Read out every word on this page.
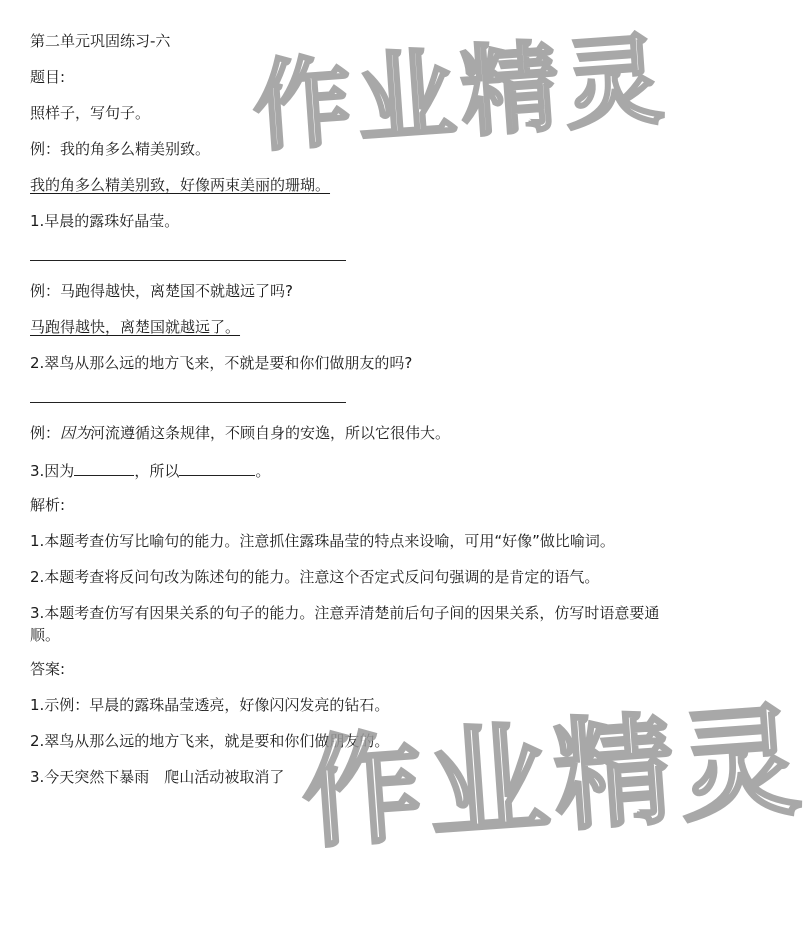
第二单元巩固练习-六
题目:
照样子，写句子。
例：我的角多么精美别致。
我的角多么精美别致，好像两束美丽的珊瑚。
1.早晨的露珠好晶莹。
例：马跑得越快，离楚国不就越远了吗?
马跑得越快，离楚国就越远了。
2.翠鸟从那么远的地方飞来，不就是要和你们做朋友的吗?
例：因为河流遵循这条规律，不顾自身的安逸，所以它很伟大。
3.因为	，所以	。
解析:
1.本题考查仿写比喻句的能力。注意抓住露珠晶莹的特点来设喻，可用“好像”做比喻词。
2.本题考查将反问句改为陈述句的能力。注意这个否定式反问句强调的是肯定的语气。
3.本题考查仿写有因果关系的句子的能力。注意弄清楚前后句子间的因果关系，仿写时语意要通顺。
答案:
1.示例：早晨的露珠晶莹透亮，好像闪闪发亮的钻石。
2.翠鸟从那么远的地方飞来，就是要和你们做朋友的。
3.今天突然下暴雨　爬山活动被取消了
作业精灵
作业精灵
